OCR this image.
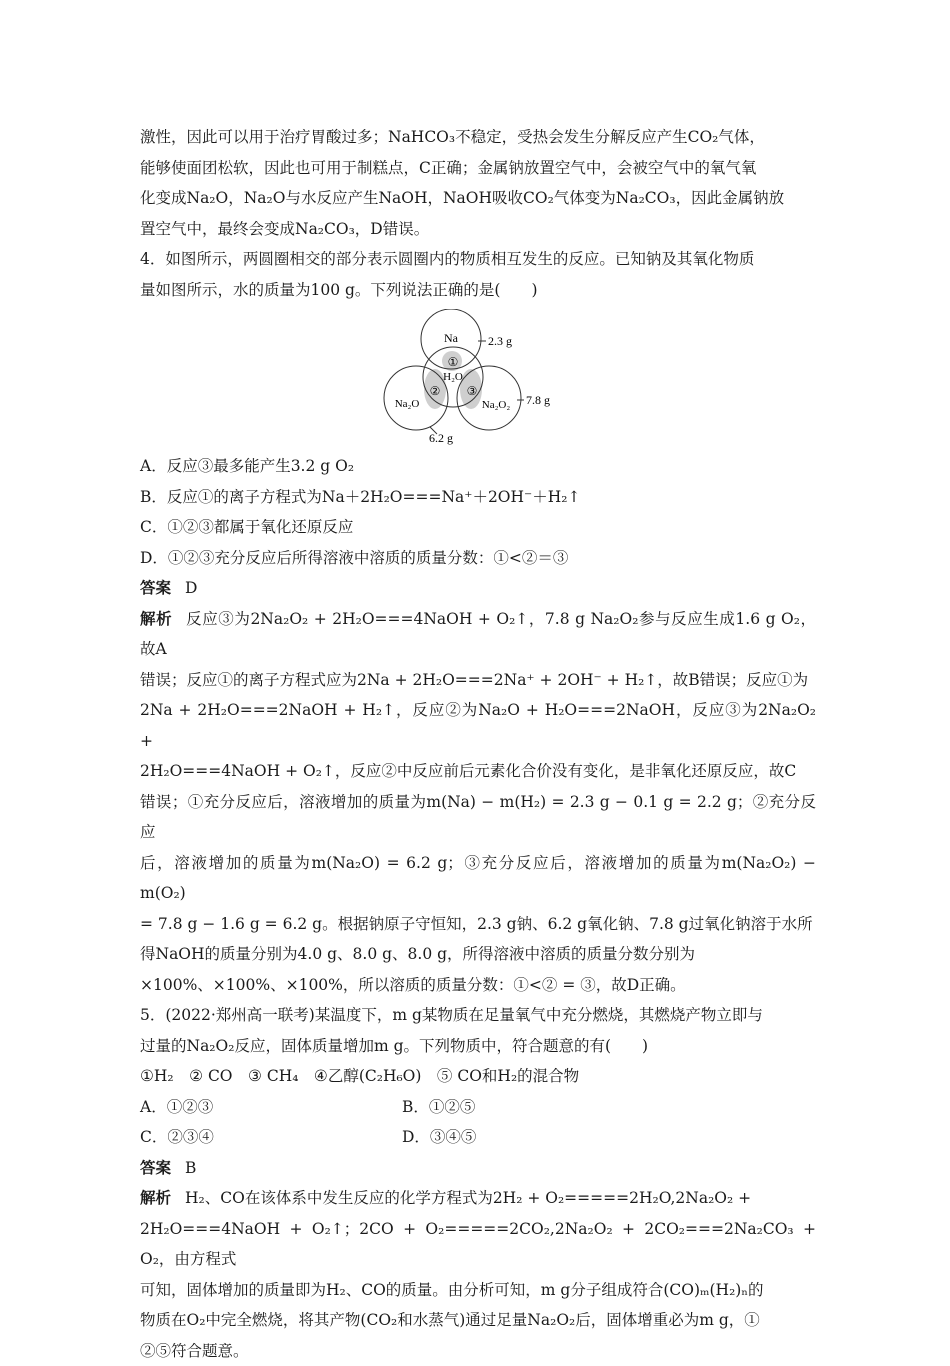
激性，因此可以用于治疗胃酸过多；NaHCO₃不稳定，受热会发生分解反应产生CO₂气体，

能够使面团松软，因此也可用于制糕点，C正确；金属钠放置空气中，会被空气中的氧气氧

化变成Na₂O，Na₂O与水反应产生NaOH，NaOH吸收CO₂气体变为Na₂CO₃，因此金属钠放

置空气中，最终会变成Na₂CO₃，D错误。

4．如图所示，两圆圈相交的部分表示圆圈内的物质相互发生的反应。已知钠及其氧化物质

量如图所示，水的质量为100 g。下列说法正确的是(　　)

Na
H₂O
Na₂O	Na₂O₂
①
② ③
2.3 g
7.8 g
6.2 g

A．反应③最多能产生3.2 g O₂

B．反应①的离子方程式为Na＋2H₂O===Na⁺＋2OH⁻＋H₂↑

C．①②③都属于氧化还原反应

D．①②③充分反应后所得溶液中溶质的质量分数：①<②＝③

答案 D

解析 反应③为2Na₂O₂ + 2H₂O===4NaOH + O₂↑，7.8 g Na₂O₂参与反应生成1.6 g O₂，故A

错误；反应①的离子方程式应为2Na + 2H₂O===2Na⁺ + 2OH⁻ + H₂↑，故B错误；反应①为

2Na + 2H₂O===2NaOH + H₂↑，反应②为Na₂O + H₂O===2NaOH，反应③为2Na₂O₂ +

2H₂O===4NaOH + O₂↑，反应②中反应前后元素化合价没有变化，是非氧化还原反应，故C

错误；①充分反应后，溶液增加的质量为m(Na) − m(H₂) = 2.3 g − 0.1 g = 2.2 g；②充分反应

后，溶液增加的质量为m(Na₂O) = 6.2 g；③充分反应后，溶液增加的质量为m(Na₂O₂) − m(O₂)

= 7.8 g − 1.6 g = 6.2 g。根据钠原子守恒知，2.3 g钠、6.2 g氧化钠、7.8 g过氧化钠溶于水所

得NaOH的质量分别为4.0 g、8.0 g、8.0 g，所得溶液中溶质的质量分数分别为

×100%、×100%、×100%，所以溶质的质量分数：①<② = ③，故D正确。

5．(2022·郑州高一联考)某温度下，m g某物质在足量氧气中充分燃烧，其燃烧产物立即与

过量的Na₂O₂反应，固体质量增加m g。下列物质中，符合题意的有(　　)

①H₂　② CO　③ CH₄　④乙醇(C₂H₆O)　⑤ CO和H₂的混合物

A．①②③	B．①②⑤
C．②③④	D．③④⑤

答案 B

解析 H₂、CO在该体系中发生反应的化学方程式为2H₂ + O₂=====2H₂O,2Na₂O₂ +

2H₂O===4NaOH + O₂↑；2CO + O₂=====2CO₂,2Na₂O₂ + 2CO₂===2Na₂CO₃ + O₂，由方程式

可知，固体增加的质量即为H₂、CO的质量。由分析可知，m g分子组成符合(CO)ₘ(H₂)ₙ的

物质在O₂中完全燃烧，将其产物(CO₂和水蒸气)通过足量Na₂O₂后，固体增重必为m g，①

②⑤符合题意。
